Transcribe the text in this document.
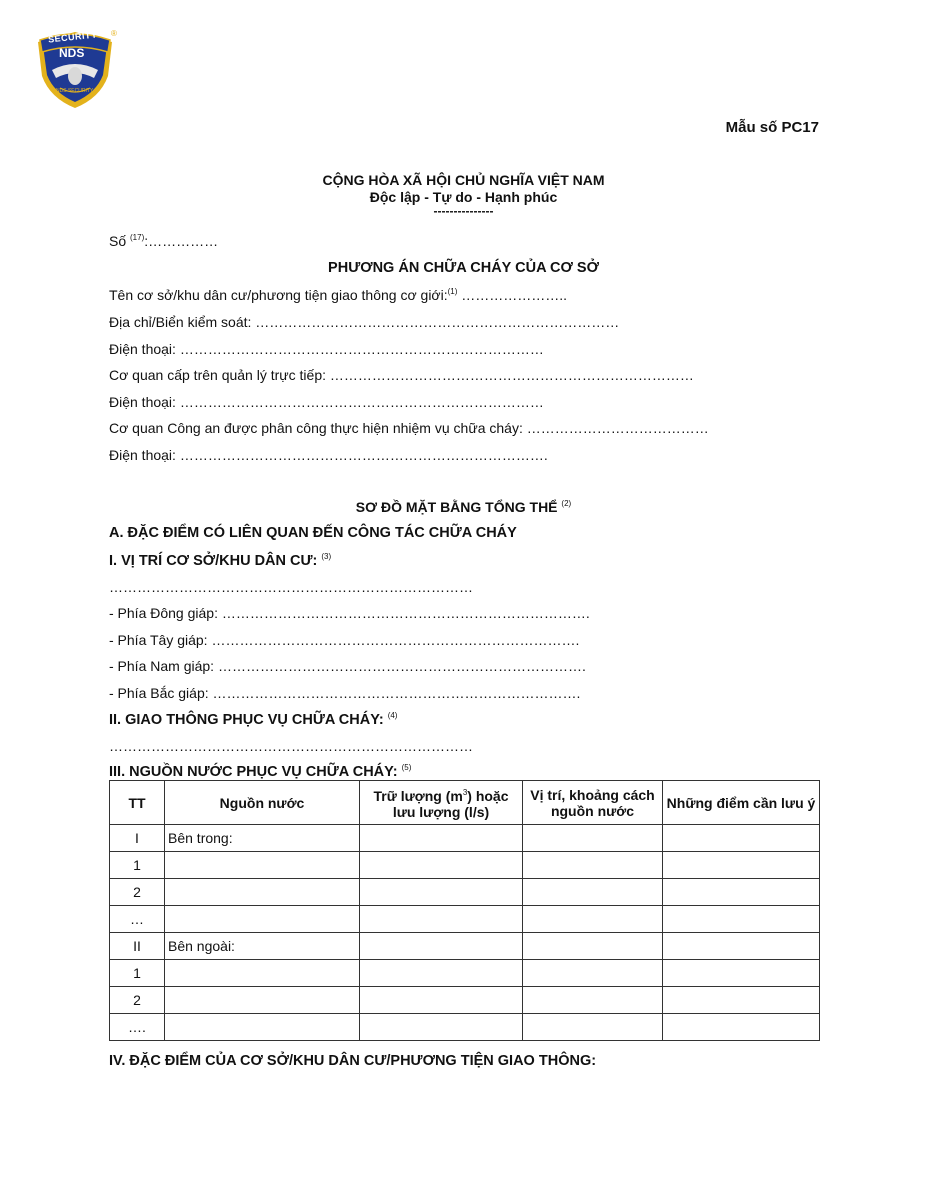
SECURITY
NDS
NDS SECURITY
®
Mẫu số PC17
CỘNG HÒA XÃ HỘI CHỦ NGHĨA VIỆT NAM
Độc lập - Tự do - Hạnh phúc
---------------
Số $^{(17)}$:……………
PHƯƠNG ÁN CHỮA CHÁY CỦA CƠ SỞ
Tên cơ sở/khu dân cư/phương tiện giao thông cơ giới:$^{(1)}$ …………………..
Địa chỉ/Biển kiểm soát: ……………………………………………………………………
Điện thoại: ……………………………………………………………………
Cơ quan cấp trên quản lý trực tiếp: ……………………………………………………………………
Điện thoại: ……………………………………………………………………
Cơ quan Công an được phân công thực hiện nhiệm vụ chữa cháy: …………………………………
Điện thoại: …………………………………………………………………….
SƠ ĐỒ MẶT BẰNG TỔNG THỂ $^{(2)}$
A. ĐẶC ĐIỂM CÓ LIÊN QUAN ĐẾN CÔNG TÁC CHỮA CHÁY
I. VỊ TRÍ CƠ SỞ/KHU DÂN CƯ: $^{(3)}$
……………………………………………………………………
- Phía Đông giáp: …………………………………………………………………….
- Phía Tây giáp: …………………………………………………………………….
- Phía Nam giáp: …………………………………………………………………….
- Phía Bắc giáp: …………………………………………………………………….
II. GIAO THÔNG PHỤC VỤ CHỮA CHÁY: $^{(4)}$
……………………………………………………………………
III. NGUỒN NƯỚC PHỤC VỤ CHỮA CHÁY: $^{(5)}$
TT	Nguồn nước	Trữ lượng $(m^3)$ hoặc lưu lượng (l/s)	Vị trí, khoảng cách nguồn nước	Những điểm cần lưu ý
I	Bên trong:			
1				
2				
…				
II	Bên ngoài:			
1				
2				
….				
IV. ĐẶC ĐIỂM CỦA CƠ SỞ/KHU DÂN CƯ/PHƯƠNG TIỆN GIAO THÔNG:
